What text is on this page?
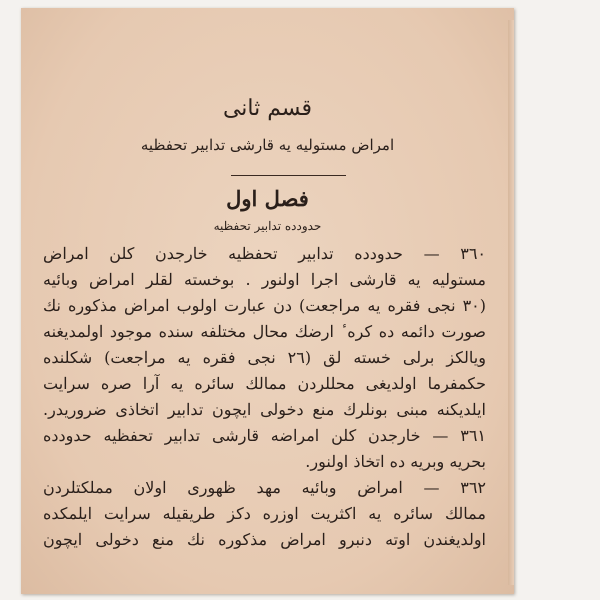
قسم ثانی
امراض مستولیه یه قارشی تدابیر تحفظیه
فصل اول
حدودده تدابیر تحفظیه
٣٦٠ — حدودده تدابیر تحفظیه خارجدن کلن امراض
مستولیه یه قارشی اجرا اولنور . بوخسته لقلر امراض وبائیه
(٣٠ نجی فقره یه مراجعت) دن عبارت اولوب امراض مذکوره نك
صورت دائمه ده کره ٔ ارضك محال مختلفه سنده موجود اولمدیغنه
ویالکز برلی خسته لق (٢٦ نجی فقره یه مراجعت) شکلنده
حکمفرما اولدیغی محللردن ممالك سائره یه آرا صره سرایت
ایلدیکنه مبنی بونلرك منع دخولی ایچون تدابیر اتخاذی ضروریدر.
٣٦١ — خارجدن کلن امراضه قارشی تدابیر تحفظیه حدودده
بحریه وبریه ده اتخاذ اولنور.
٣٦٢ — امراض وبائیه مهد ظهوری اولان مملکتلردن
ممالك سائره یه اکثریت اوزره دکز طریقیله سرایت ایلمکده
اولدیغندن اوته دنبرو امراض مذکوره نك منع دخولی ایچون
